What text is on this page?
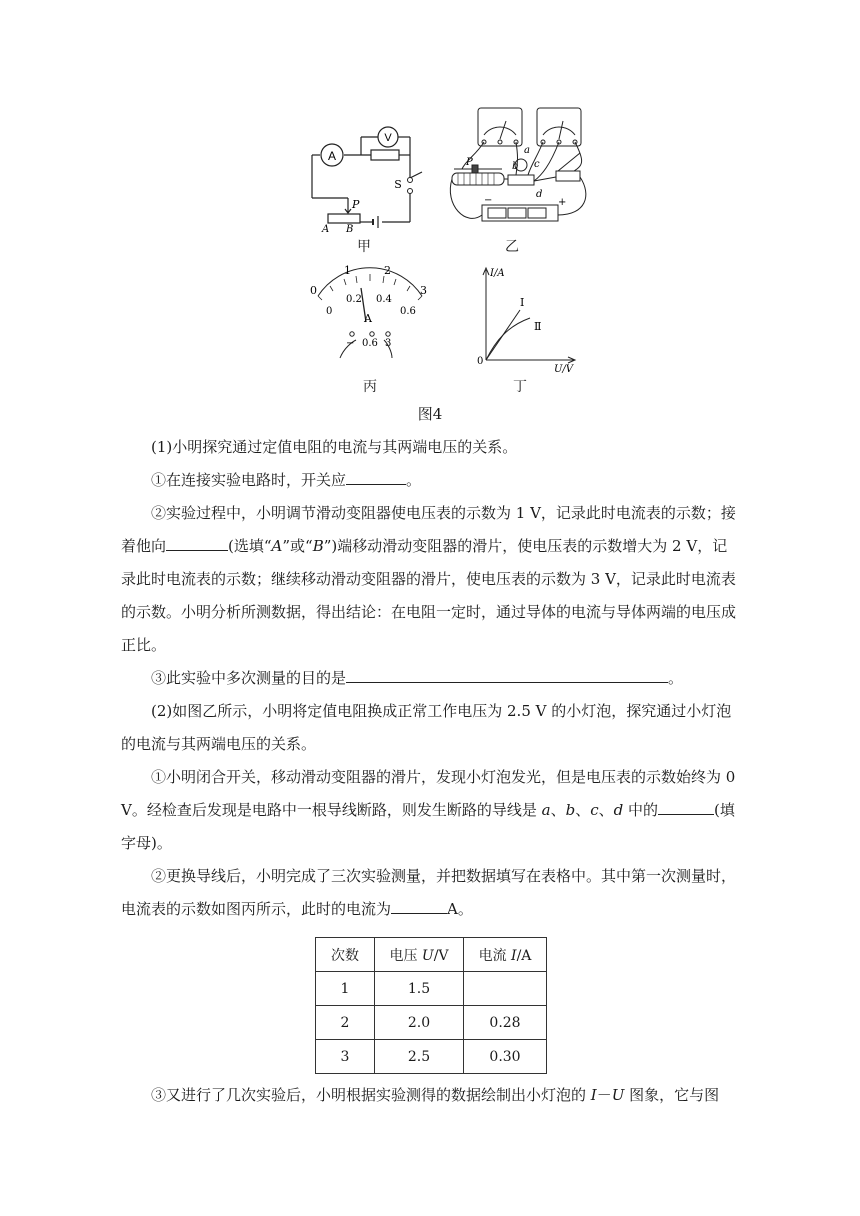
A
V
S
P
A B
甲
P
a
b c
d
−	+
乙
0
1	2
3
0
0.2 0.4
0.6
A
− 0.6 3
丙
I/A
U/V
0
Ⅰ
Ⅱ
丁
图4

(1)小明探究通过定值电阻的电流与其两端电压的关系。

①在连接实验电路时，开关应	。

②实验过程中，小明调节滑动变阻器使电压表的示数为 1 V，记录此时电流表的示数；接着他向	(选填“A”或“B”)端移动滑动变阻器的滑片，使电压表的示数增大为 2 V，记录此时电流表的示数；继续移动滑动变阻器的滑片，使电压表的示数为 3 V，记录此时电流表的示数。小明分析所测数据，得出结论：在电阻一定时，通过导体的电流与导体两端的电压成正比。

③此实验中多次测量的目的是	。

(2)如图乙所示，小明将定值电阻换成正常工作电压为 2.5 V 的小灯泡，探究通过小灯泡的电流与其两端电压的关系。

①小明闭合开关，移动滑动变阻器的滑片，发现小灯泡发光，但是电压表的示数始终为 0 V。经检查后发现是电路中一根导线断路，则发生断路的导线是 a、b、c、d 中的	(填字母)。

②更换导线后，小明完成了三次实验测量，并把数据填写在表格中。其中第一次测量时，电流表的示数如图丙所示，此时的电流为	A。

次数	电压 U/V	电流 I/A
1	1.5	
2	2.0	0.28
3	2.5	0.30

③又进行了几次实验后，小明根据实验测得的数据绘制出小灯泡的 I－U 图象，它与图
